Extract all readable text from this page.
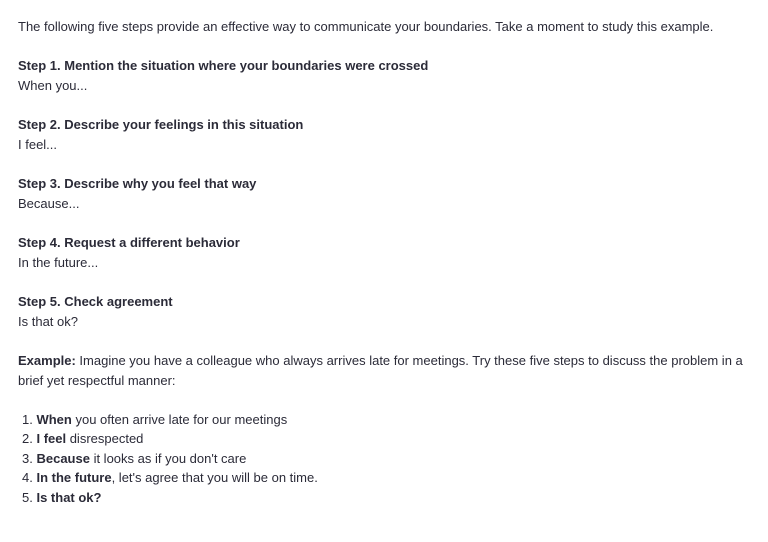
The following five steps provide an effective way to communicate your boundaries. Take a moment to study this example.

Step 1. Mention the situation where your boundaries were crossed

When you...

Step 2. Describe your feelings in this situation

I feel...

Step 3. Describe why you feel that way

Because...

Step 4. Request a different behavior

In the future...

Step 5. Check agreement

Is that ok?

Example: Imagine you have a colleague who always arrives late for meetings. Try these five steps to discuss the problem in a brief yet respectful manner:

1. When you often arrive late for our meetings
2. I feel disrespected
3. Because it looks as if you don't care
4. In the future, let's agree that you will be on time.
5. Is that ok?
